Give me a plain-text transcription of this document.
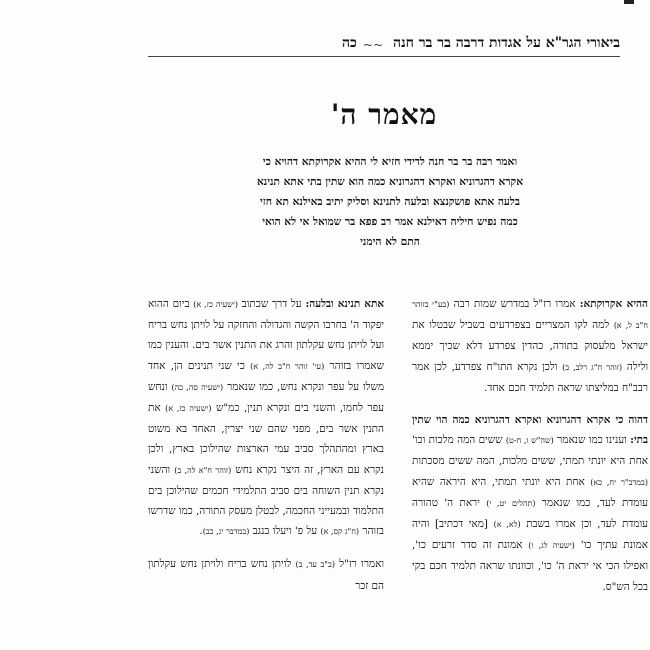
ביאורי הגר"א על אגדות דרבה בר בר חנה
~~
כה
מאמר ה'

ואמר רבה בר בר חנה לדידי חזיא לי ההיא אקרוקתא דהויא כי

אקרא דהגרוניא ואקרא דהגרוניא כמה הוא שתין בתי אתא תנינא

בלעה אתא פושקנצא ובלעה לתנינא וסליק יתיב באילנא תא חזי

כמה נפיש חיליה דאילנא אמר רב פפא בר שמואל אי לא הואי

התם לא הימני

ההיא אקרוקתא: אמרו רז"ל במדרש שמות רבה (בע"י בזוהר ח"ב ל, א) למה לקו המצריים בצפרדעים בשביל שבטלו את ישראל מלעסוק בתורה, כהדין צפרדע דלא שכיך יממא ולילה (זוהר ח"ג רלב, ב) ולכן נקרא התו"ח צפרדע, לכן אמר רבב"ח במליצתו שראה תלמיד חכם אחד.

דהוה כי אקרא דהגרוניא ואקרא דהגרוניא כמה הוי שתין בתי: וענינו כמו שנאמר (שה"ש ו, ח-ט) ששים המה מלכות וכו' אחת היא יונתי תמתי, ששים מלכות, המה ששים מסכתות (במדב"ר יח, כא) אחת היא יונתי תמתי, היא היראה שהיא עומדת לעד, כמו שנאמר (תהלים יט, י) יראת ה' טהורה עומדת לעד, וכן אמרו בשבת (לא, א) [מאי דכתיב] והיה אמונת עתיך כו' (ישעיה לג, ו) אמונת זה סדר זרעים כו', ואפילו הכי אי יראת ה' כו', וכוונתו שראה תלמיד חכם בקי בכל הש"ס.

אתא תנינא ובלעה: על דרך שכתוב (ישעיה כז, א) ביום ההוא יפקוד ה' בחרבו הקשה והגדולה והחזקה על לויתן נחש בריח ועל לויתן נחש עקלתון והרג את התנין אשר בים. והענין כמו שאמרו בזוהר (עי' זוהר ח"ב לה, א) כי שני תנינים הן, אחד משלו על עפר ונקרא נחש, כמו שנאמר (ישעיה סה, כה) ונחש עפר לחמו, והשני בים ונקרא תנין, כמ"ש (ישעיה כז, א) את התנין אשר בים, מפני שהם שני יצרין, האחד בא משוט בארץ ומהתהלך סביב עמי הארצות שהילוכן בארץ, ולכן נקרא עם הארץ, זה היצר נקרא נחש (זוהר ח"א לה, ב) והשני נקרא תנין השוחה בים סביב התלמידי חכמים שהילוכן בים התלמוד ובמעייני החכמה, לבטלן מעסק התורה, כמו שדרשו בזוהר (ח"ג קס, א) על פ' ויעלו בנגב (במדבר יג, כב).

ואמרו רז"ל (ב"ב עד, ב) לויתן נחש בריח ולויתן נחש עקלתון הם זכר
